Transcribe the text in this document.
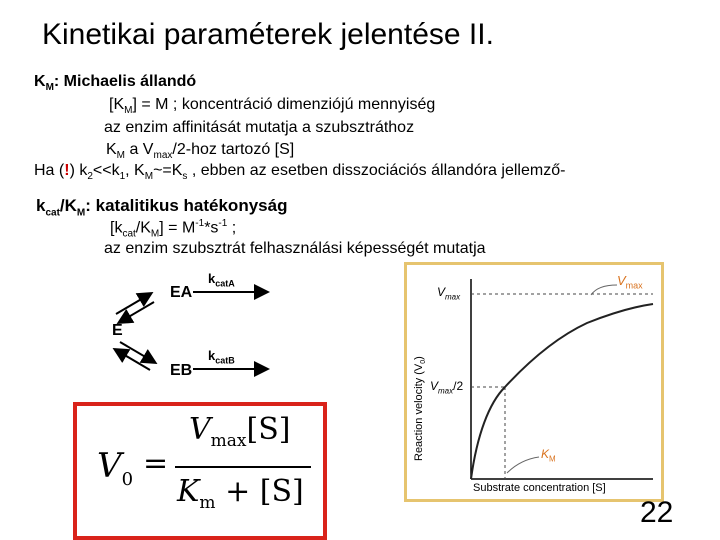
Kinetikai paraméterek jelentése II.
$K_M$: Michaelis állandó
$[K_M] = M$ ; koncentráció dimenziójú mennyiség
az enzim affinitását mutatja a szubsztráthoz
$K_M$ a $V_{max}/2$-hoz tartozó [S]
Ha (!) $k_2<<k_1$, $K_M\sim=K_s$ , ebben az esetben disszociációs állandóra jellemző-
$k_{cat}/K_M$: katalitikus hatékonyság
$[k_{cat}/K_M] = M^{-1}*s^{-1}$ ;
az enzim szubsztrát felhasználási képességét mutatja
EA
E
EB
$k_{catA}$
$k_{catB}$
$V_0$ =
$V_{max}[S]$
$K_m + [S]$
$V_{max}$
$V_{max}$
$V_{max}/2$
$K_M$
Reaction velocity $(V_0)$
Substrate concentration [S]
22
